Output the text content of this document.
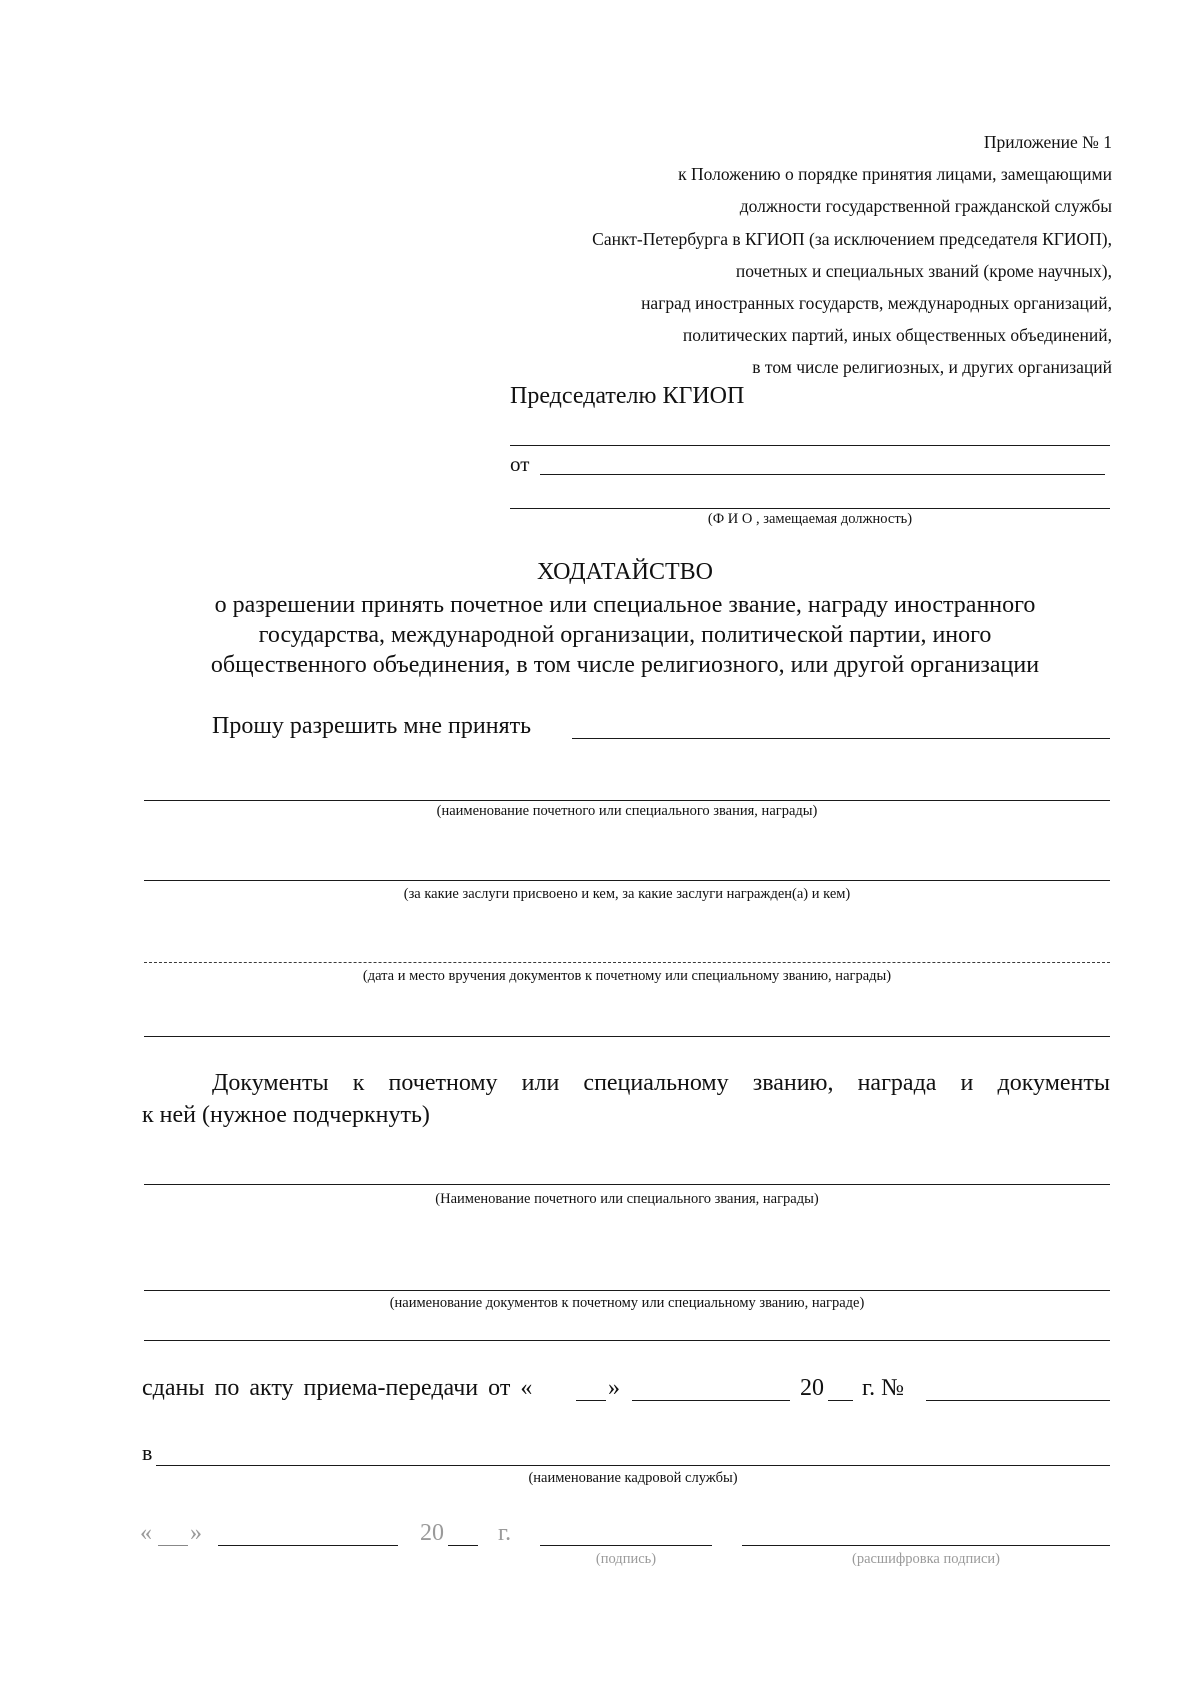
Приложение № 1
к Положению о порядке принятия лицами, замещающими
должности государственной гражданской службы
Санкт-Петербурга в КГИОП (за исключением председателя КГИОП),
почетных и специальных званий (кроме научных),
наград иностранных государств, международных организаций,
политических партий, иных общественных объединений,
в том числе религиозных, и других организаций
Председателю КГИОП
от
(Ф И О , замещаемая должность)
ХОДАТАЙСТВО
о разрешении принять почетное или специальное звание, награду иностранного
государства, международной организации, политической партии, иного
общественного объединения, в том числе религиозного, или другой организации
Прошу разрешить мне принять
(наименование почетного или специального звания, награды)
(за какие заслуги присвоено и кем, за какие заслуги награжден(а) и кем)
(дата и место вручения документов к почетному или специальному званию, награды)
Документы к почетному или специальному званию, награда и документы
к ней (нужное подчеркнуть)
(Наименование почетного или специального звания, награды)
(наименование документов к почетному или специальному званию, награде)
сданы по акту приема-передачи от «	»	20 г. №
в
(наименование кадровой службы)
« »	20 г.
(подпись)	(расшифровка подписи)
